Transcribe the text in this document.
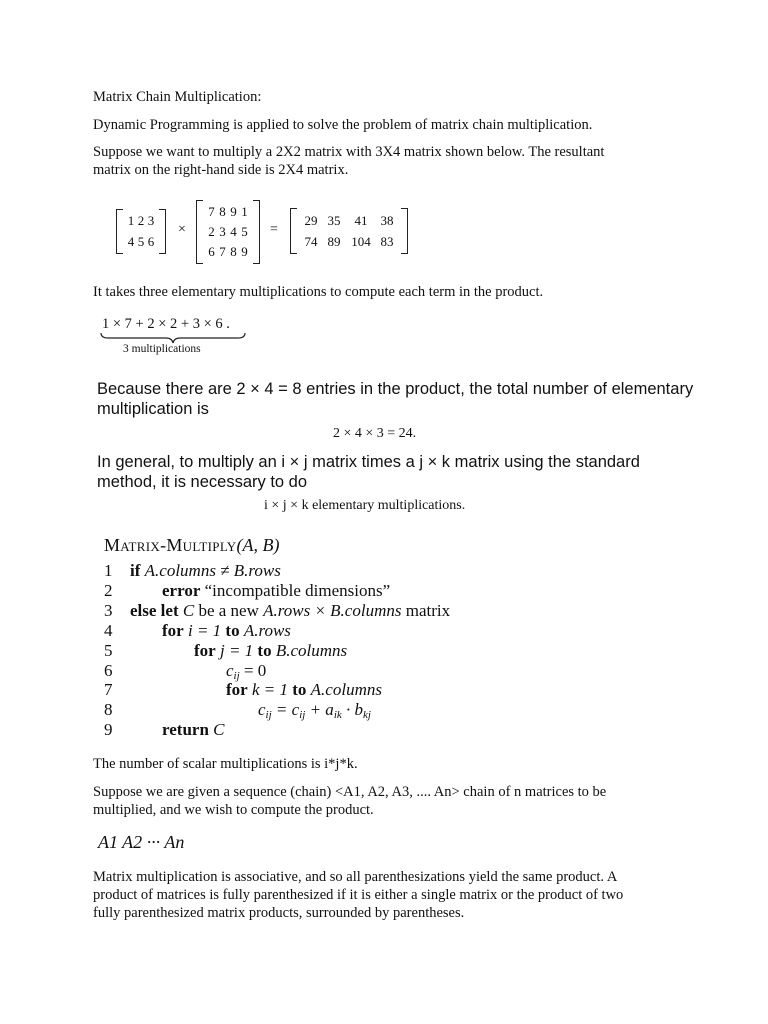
Matrix Chain Multiplication:
Dynamic Programming is applied to solve the problem of matrix chain multiplication.
Suppose we want to multiply a 2X2 matrix with 3X4 matrix shown below. The resultant
matrix on the right-hand side is 2X4 matrix.
1 2 3
4 5 6
×
7 8 9 1
2 3 4 5
6 7 8 9
=
29 35	41	38
74 89 104 83
It takes three elementary multiplications to compute each term in the product.
1 × 7 + 2 × 2 + 3 × 6 .
3 multiplications
Because there are 2 × 4 = 8 entries in the product, the total number of elementary
multiplication is
2 × 4 × 3 = 24.
In general, to multiply an i × j matrix times a j × k matrix using the standard
method, it is necessary to do
i × j × k elementary multiplications.
Matrix-Multiply(A, B)
1	if A.columns ≠ B.rows
2	error “incompatible dimensions”
3	else let C be a new A.rows × B.columns matrix
4	for i = 1 to A.rows
5	for j = 1 to B.columns
6	$c_{ij} = 0$
7	for k = 1 to A.columns
8	$c_{ij} = c_{ij} + a_{ik} \cdot b_{kj}$
9	return C
The number of scalar multiplications is i*j*k.
Suppose we are given a sequence (chain) <A1, A2, A3, .... An> chain of n matrices to be
multiplied, and we wish to compute the product.
A1 A2 ··· An
Matrix multiplication is associative, and so all parenthesizations yield the same product. A
product of matrices is fully parenthesized if it is either a single matrix or the product of two
fully parenthesized matrix products, surrounded by parentheses.
